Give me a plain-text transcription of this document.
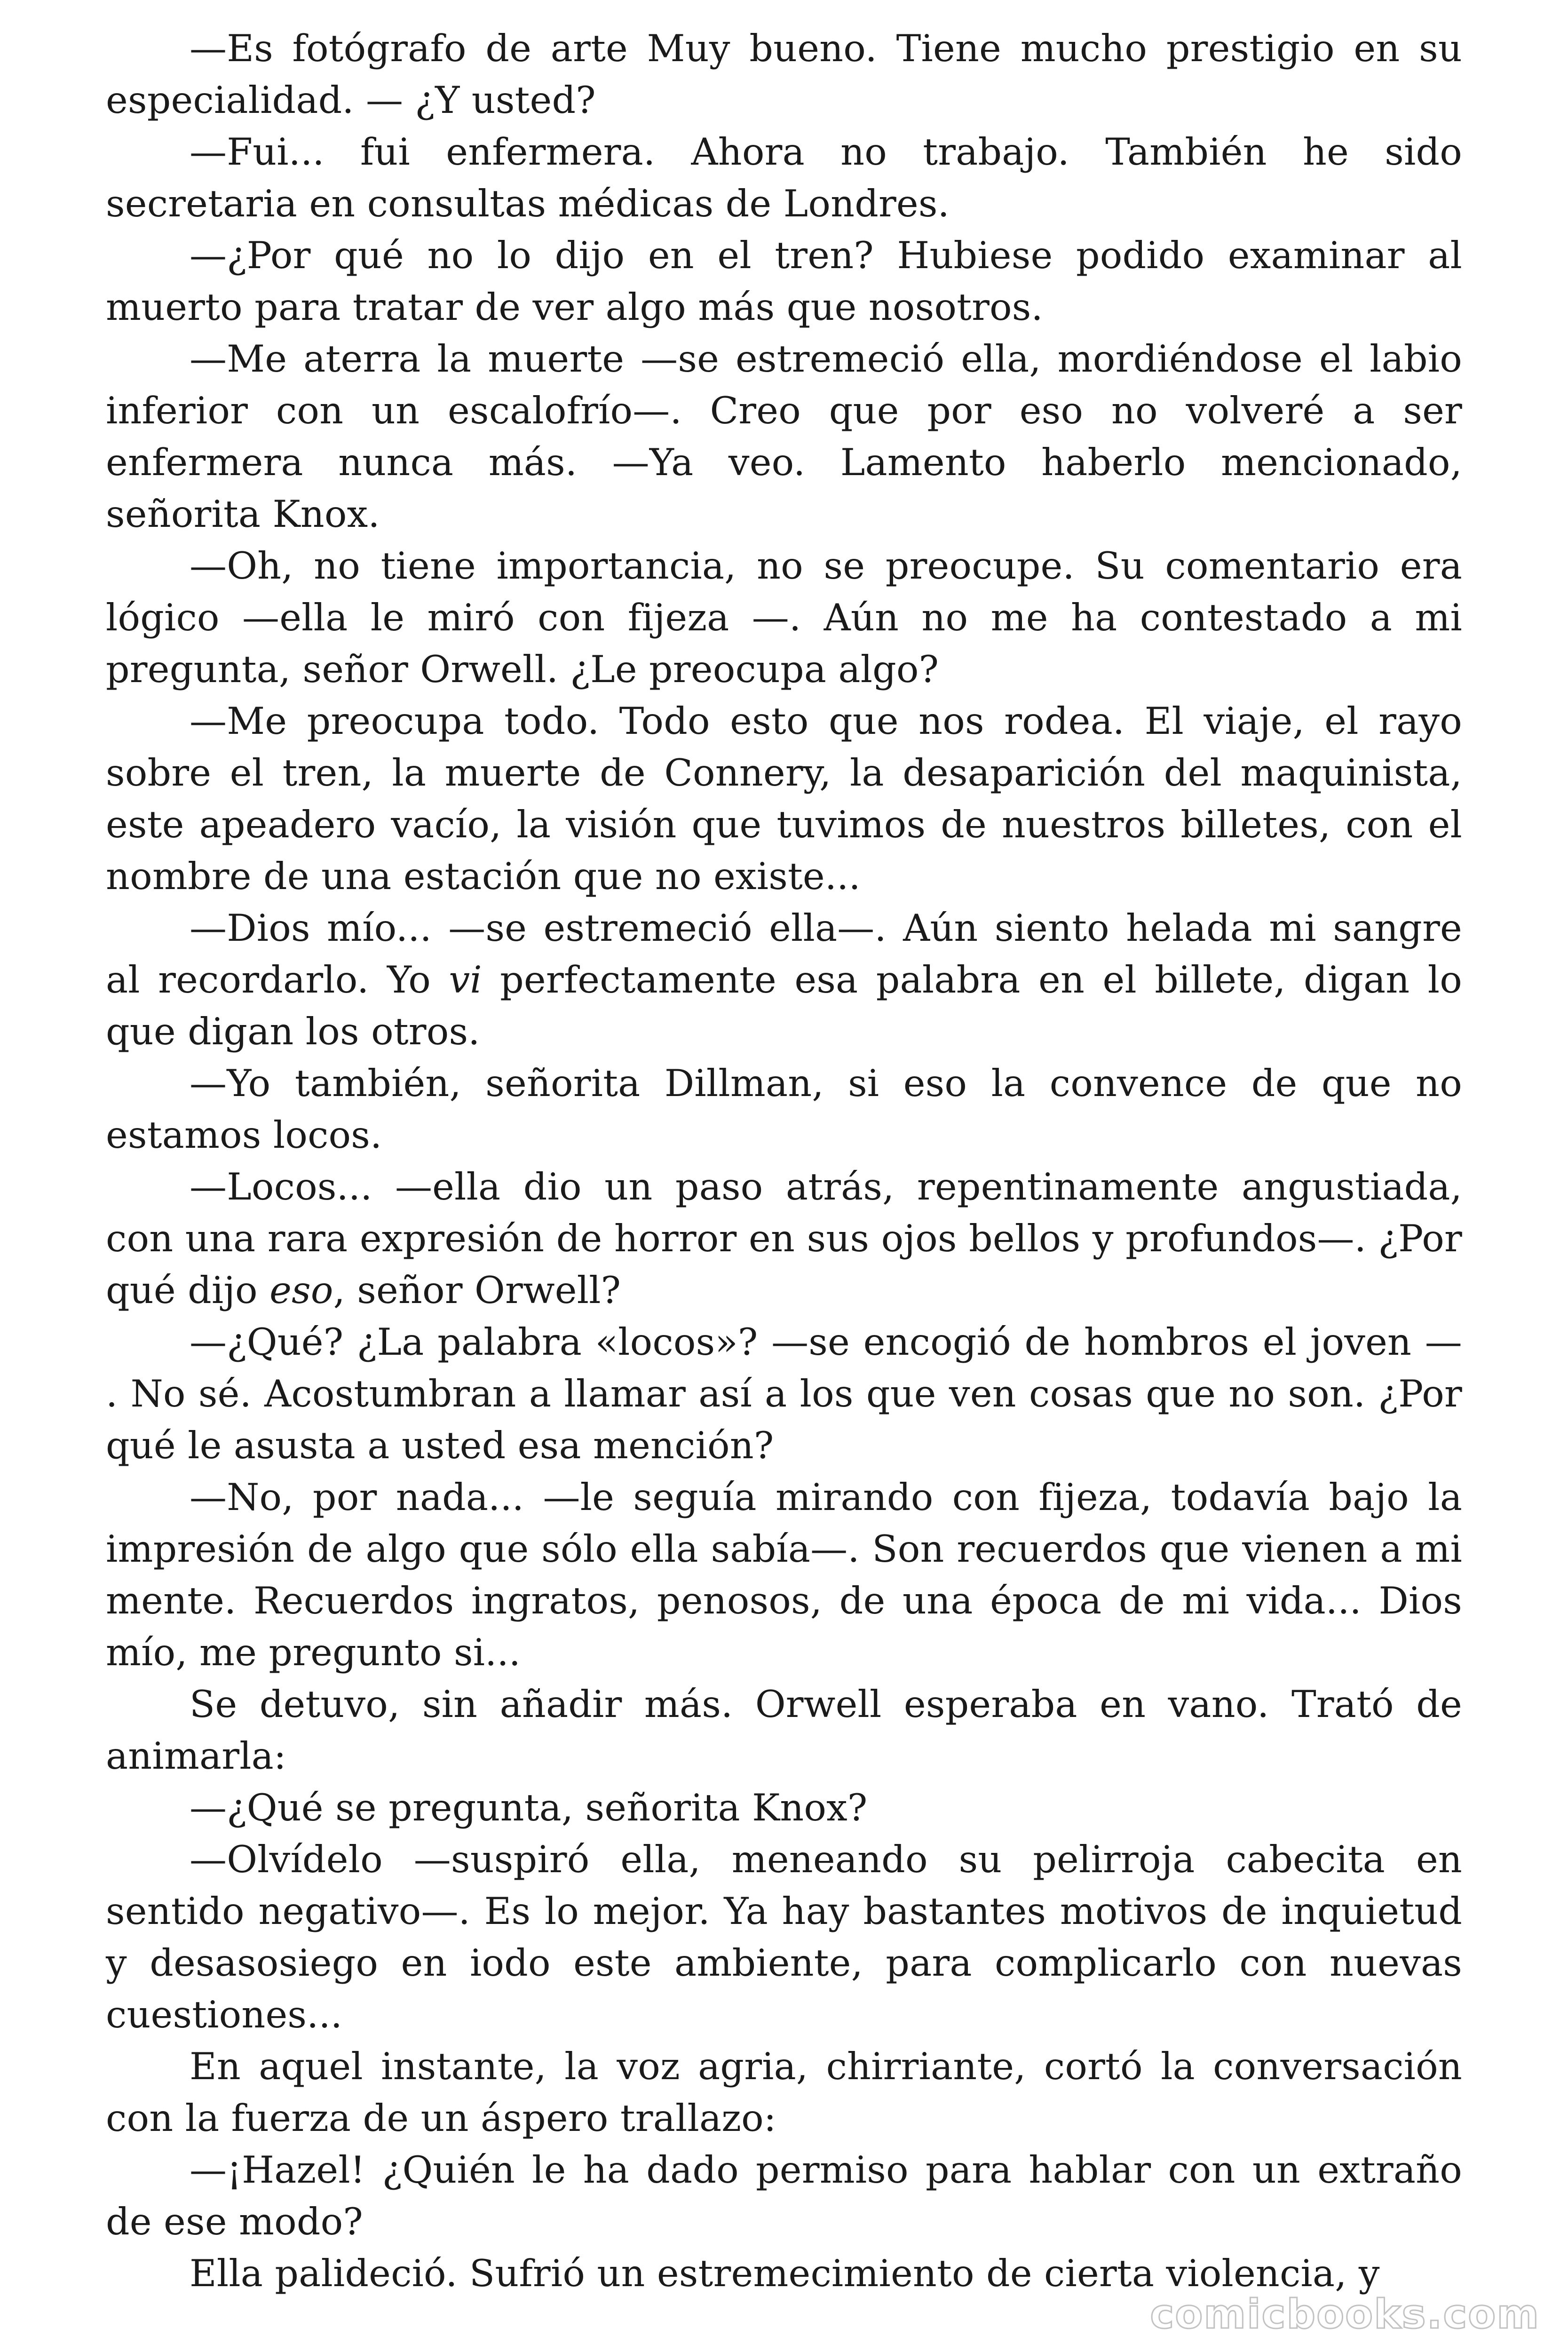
—Es fotógrafo de arte Muy bueno. Tiene mucho prestigio en su especialidad. — ¿Y usted?

—Fui... fui enfermera. Ahora no trabajo. También he sido secretaria en consultas médicas de Londres.

—¿Por qué no lo dijo en el tren? Hubiese podido examinar al muerto para tratar de ver algo más que nosotros.

—Me aterra la muerte —se estremeció ella, mordiéndose el labio inferior con un escalofrío—. Creo que por eso no volveré a ser enfermera nunca más. —Ya veo. Lamento haberlo mencionado, señorita Knox.

—Oh, no tiene importancia, no se preocupe. Su comentario era lógico —ella le miró con fijeza —. Aún no me ha contestado a mi pregunta, señor Orwell. ¿Le preocupa algo?

—Me preocupa todo. Todo esto que nos rodea. El viaje, el rayo sobre el tren, la muerte de Connery, la desaparición del maquinista, este apeadero vacío, la visión que tuvimos de nuestros billetes, con el nombre de una estación que no existe...

—Dios mío... —se estremeció ella—. Aún siento helada mi sangre al recordarlo. Yo vi perfectamente esa palabra en el billete, digan lo que digan los otros.

—Yo también, señorita Dillman, si eso la convence de que no estamos locos.

—Locos... —ella dio un paso atrás, repentinamente angustiada, con una rara expresión de horror en sus ojos bellos y profundos—. ¿Por qué dijo eso, señor Orwell?

—¿Qué? ¿La palabra «locos»? —se encogió de hombros el joven — . No sé. Acostumbran a llamar así a los que ven cosas que no son. ¿Por qué le asusta a usted esa mención?

—No, por nada... —le seguía mirando con fijeza, todavía bajo la impresión de algo que sólo ella sabía—. Son recuerdos que vienen a mi mente. Recuerdos ingratos, penosos, de una época de mi vida... Dios mío, me pregunto si...

Se detuvo, sin añadir más. Orwell esperaba en vano. Trató de animarla:

—¿Qué se pregunta, señorita Knox?

—Olvídelo —suspiró ella, meneando su pelirroja cabecita en sentido negativo—. Es lo mejor. Ya hay bastantes motivos de inquietud y desasosiego en iodo este ambiente, para complicarlo con nuevas cuestiones...

En aquel instante, la voz agria, chirriante, cortó la conversación con la fuerza de un áspero trallazo:

—¡Hazel! ¿Quién le ha dado permiso para hablar con un extraño de ese modo?

Ella palideció. Sufrió un estremecimiento de cierta violencia, y

comicbooks.com
